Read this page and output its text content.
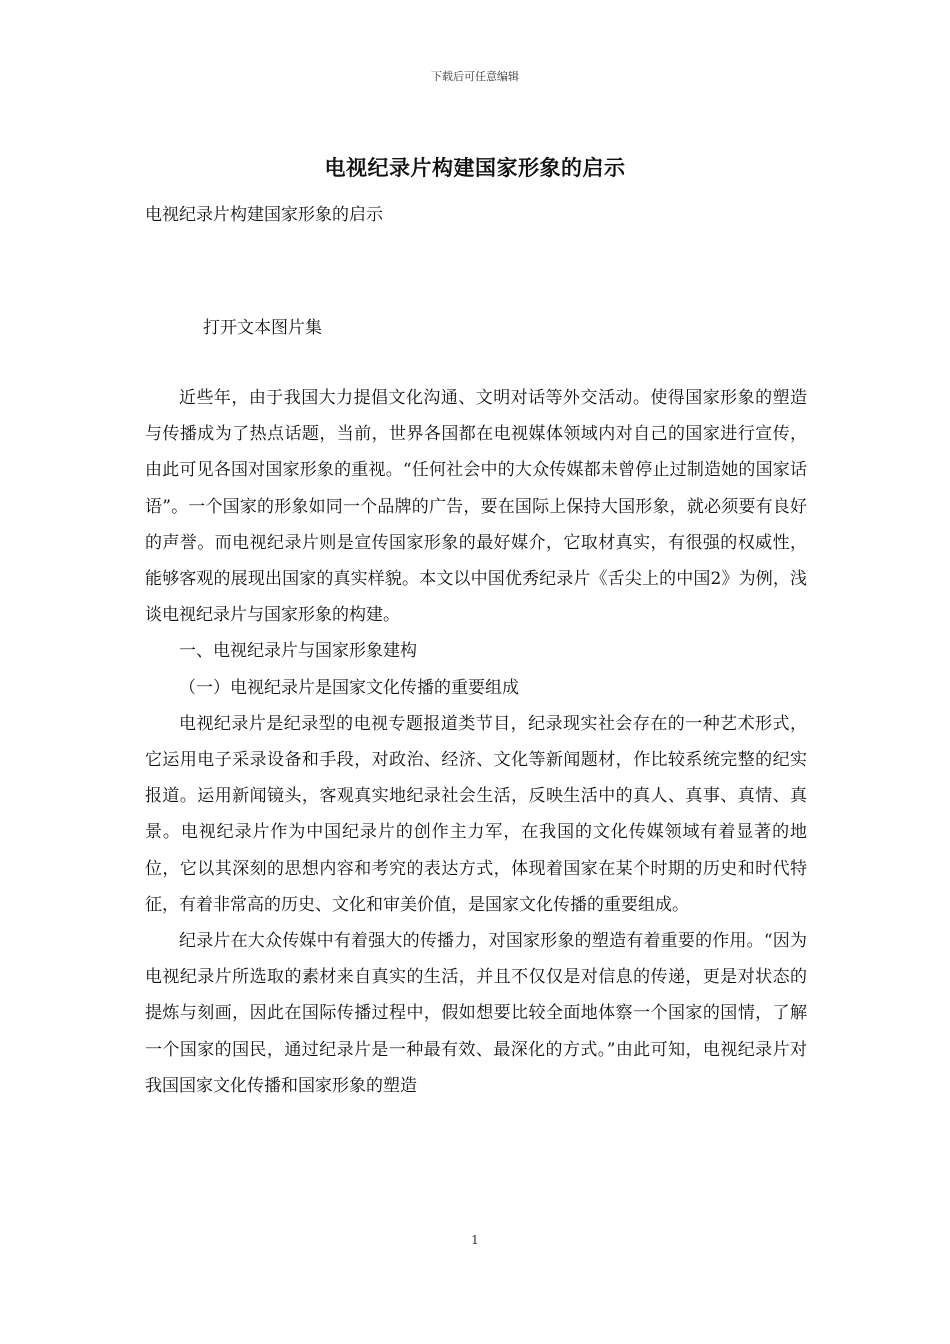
下载后可任意编辑
电视纪录片构建国家形象的启示
电视纪录片构建国家形象的启示
打开文本图片集

近些年，由于我国大力提倡文化沟通、文明对话等外交活动。使得国家形象的塑造与传播成为了热点话题，当前，世界各国都在电视媒体领域内对自己的国家进行宣传，由此可见各国对国家形象的重视。“任何社会中的大众传媒都未曾停止过制造她的国家话语”。一个国家的形象如同一个品牌的广告，要在国际上保持大国形象，就必须要有良好的声誉。而电视纪录片则是宣传国家形象的最好媒介，它取材真实，有很强的权威性，能够客观的展现出国家的真实样貌。本文以中国优秀纪录片《舌尖上的中国2》为例，浅谈电视纪录片与国家形象的构建。

一、电视纪录片与国家形象建构

（一）电视纪录片是国家文化传播的重要组成

电视纪录片是纪录型的电视专题报道类节目，纪录现实社会存在的一种艺术形式，它运用电子采录设备和手段，对政治、经济、文化等新闻题材，作比较系统完整的纪实报道。运用新闻镜头，客观真实地纪录社会生活，反映生活中的真人、真事、真情、真景。电视纪录片作为中国纪录片的创作主力军，在我国的文化传媒领域有着显著的地位，它以其深刻的思想内容和考究的表达方式，体现着国家在某个时期的历史和时代特征，有着非常高的历史、文化和审美价值，是国家文化传播的重要组成。

纪录片在大众传媒中有着强大的传播力，对国家形象的塑造有着重要的作用。“因为电视纪录片所选取的素材来自真实的生活，并且不仅仅是对信息的传递，更是对状态的提炼与刻画，因此在国际传播过程中，假如想要比较全面地体察一个国家的国情，了解一个国家的国民，通过纪录片是一种最有效、最深化的方式。”由此可知，电视纪录片对我国国家文化传播和国家形象的塑造

1
